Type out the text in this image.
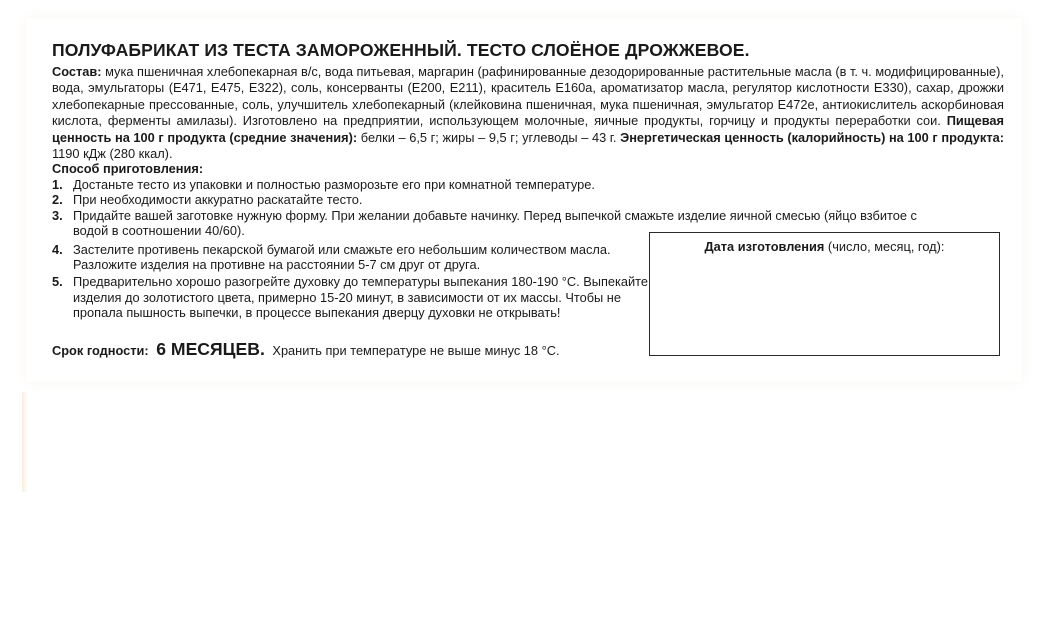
ПОЛУФАБРИКАТ ИЗ ТЕСТА ЗАМОРОЖЕННЫЙ. ТЕСТО СЛОЁНОЕ ДРОЖЖЕВОЕ.
Состав: мука пшеничная хлебопекарная в/с, вода питьевая, маргарин (рафинированные дезодорированные растительные масла (в т. ч. модифицированные), вода, эмульгаторы (Е471, Е475, Е322), соль, консерванты (Е200, Е211), краситель Е160а, ароматизатор масла, регулятор кислотности Е330), сахар, дрожжи хлебопекарные прессованные, соль, улучшитель хлебопекарный (клейковина пшеничная, мука пшеничная, эмульгатор Е472е, антиокислитель аскорбиновая кислота, ферменты амилазы). Изготовлено на предприятии, использующем молочные, яичные продукты, горчицу и продукты переработки сои. Пищевая ценность на 100 г продукта (средние значения): белки – 6,5 г; жиры – 9,5 г; углеводы – 43 г. Энергетическая ценность (калорийность) на 100 г продукта: 1190 кДж (280 ккал).
Способ приготовления:
1. Достаньте тесто из упаковки и полностью разморозьте его при комнатной температуре.
2. При необходимости аккуратно раскатайте тесто.
3. Придайте вашей заготовке нужную форму. При желании добавьте начинку. Перед выпечкой смажьте изделие яичной смесью (яйцо взбитое с водой в соотношении 40/60).
4. Застелите противень пекарской бумагой или смажьте его небольшим количеством масла. Разложите изделия на противне на расстоянии 5-7 см друг от друга.
5. Предварительно хорошо разогрейте духовку до температуры выпекания 180-190 °С. Выпекайте изделия до золотистого цвета, примерно 15-20 минут, в зависимости от их массы. Чтобы не пропала пышность выпечки, в процессе выпекания дверцу духовки не открывать!
Срок годности: 6 МЕСЯЦЕВ. Хранить при температуре не выше минус 18 °С.
Дата изготовления (число, месяц, год):
